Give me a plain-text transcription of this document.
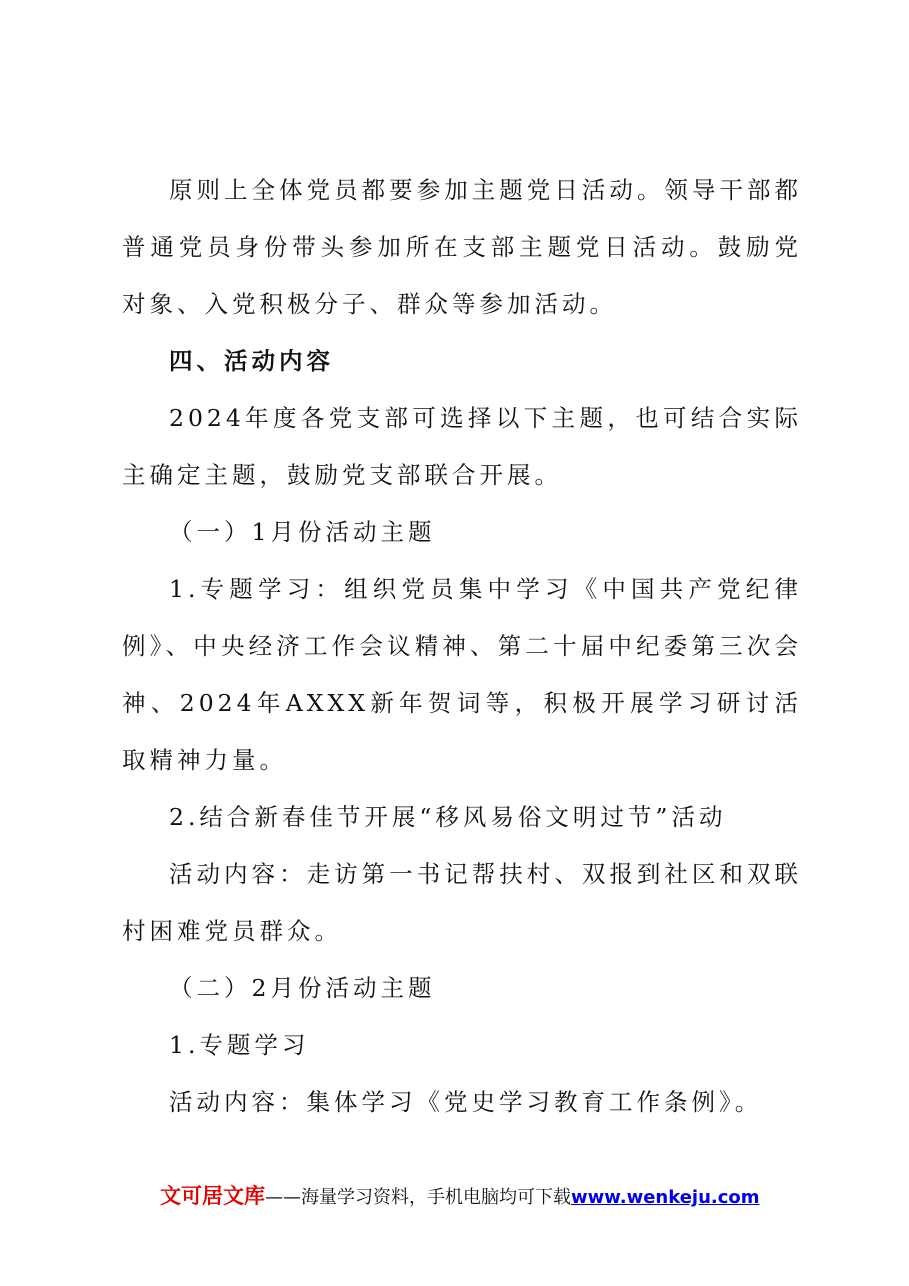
原则上全体党员都要参加主题党日活动。领导干部都
普通党员身份带头参加所在支部主题党日活动。鼓励党
对象、入党积极分子、群众等参加活动。
四、活动内容
2024年度各党支部可选择以下主题，也可结合实际
主确定主题，鼓励党支部联合开展。
（一）1月份活动主题
1.专题学习：组织党员集中学习《中国共产党纪律
例》、中央经济工作会议精神、第二十届中纪委第三次会
神、2024年AXXX新年贺词等，积极开展学习研讨活
取精神力量。
2.结合新春佳节开展“移风易俗文明过节”活动
活动内容：走访第一书记帮扶村、双报到社区和双联
村困难党员群众。
（二）2月份活动主题
1.专题学习
活动内容：集体学习《党史学习教育工作条例》。
文可居文库——海量学习资料，手机电脑均可下载www.wenkeju.com
